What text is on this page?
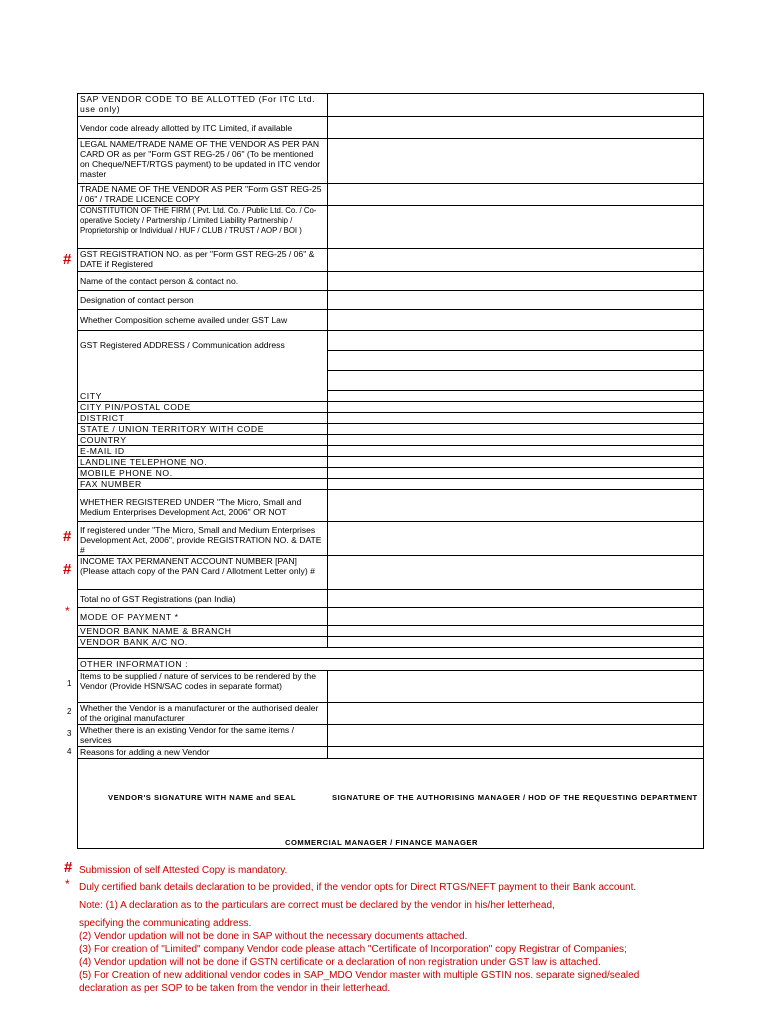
SAP VENDOR CODE TO BE ALLOTTED (For ITC Ltd. use only)	
Vendor code already allotted by ITC Limited, if available	
LEGAL NAME/TRADE NAME OF THE VENDOR AS PER PAN CARD OR as per "Form GST REG-25 / 06" (To be mentioned on Cheque/NEFT/RTGS payment) to be updated in ITC vendor master	
TRADE NAME OF THE VENDOR AS PER "Form GST REG-25 / 06" / TRADE LICENCE COPY	
CONSTITUTION OF THE FIRM ( Pvt. Ltd. Co. / Public Ltd. Co. / Co-operative Society / Partnership / Limited Liability Partnership / Proprietorship or Individual / HUF / CLUB / TRUST / AOP / BOI )	
GST REGISTRATION NO. as per "Form GST REG-25 / 06" & DATE if Registered	
Name of the contact person & contact no.	
Designation of contact person	
Whether Composition scheme availed under GST Law	
GST Registered ADDRESS / Communication address	

CITY	
CITY PIN/POSTAL CODE	
DISTRICT	
STATE / UNION TERRITORY WITH CODE	
COUNTRY	
E-MAIL ID	
LANDLINE TELEPHONE NO.	
MOBILE PHONE NO.	
FAX NUMBER	
WHETHER REGISTERED UNDER "The Micro, Small and Medium Enterprises Development Act, 2006" OR NOT	
If registered under "The Micro, Small and Medium Enterprises Development Act, 2006", provide REGISTRATION NO. & DATE #	
INCOME TAX PERMANENT ACCOUNT NUMBER [PAN] (Please attach copy of the PAN Card / Allotment Letter only) #	
Total no of GST Registrations (pan India)	
MODE OF PAYMENT *	
VENDOR BANK NAME & BRANCH	
VENDOR BANK A/C NO.	

OTHER INFORMATION :	
Items to be supplied / nature of services to be rendered by the Vendor (Provide HSN/SAC codes in separate format)	
Whether the Vendor is a manufacturer or the authorised dealer of the original manufacturer	
Whether there is an existing Vendor for the same items / services	
Reasons for adding a new Vendor	

VENDOR'S SIGNATURE WITH NAME and SEAL SIGNATURE OF THE AUTHORISING MANAGER / HOD OF THE REQUESTING DEPARTMENT
COMMERCIAL MANAGER / FINANCE MANAGER	
#
#
#
*
1
2
3
4
#
*
Submission of self Attested Copy is mandatory.
Duly certified bank details declaration to be provided, if the vendor opts for Direct RTGS/NEFT payment to their Bank account.
Note: (1) A declaration as to the particulars are correct must be declared by the vendor in his/her letterhead,
specifying the communicating address.
(2) Vendor updation will not be done in SAP without the necessary documents attached.
(3) For creation of "Limited" company Vendor code please attach "Certificate of Incorporation" copy Registrar of Companies;
(4) Vendor updation will not be done if GSTN certificate or a declaration of non registration under GST law is attached.
(5) For Creation of new additional vendor codes in SAP_MDO Vendor master with multiple GSTIN nos. separate signed/sealed
declaration as per SOP to be taken from the vendor in their letterhead.
